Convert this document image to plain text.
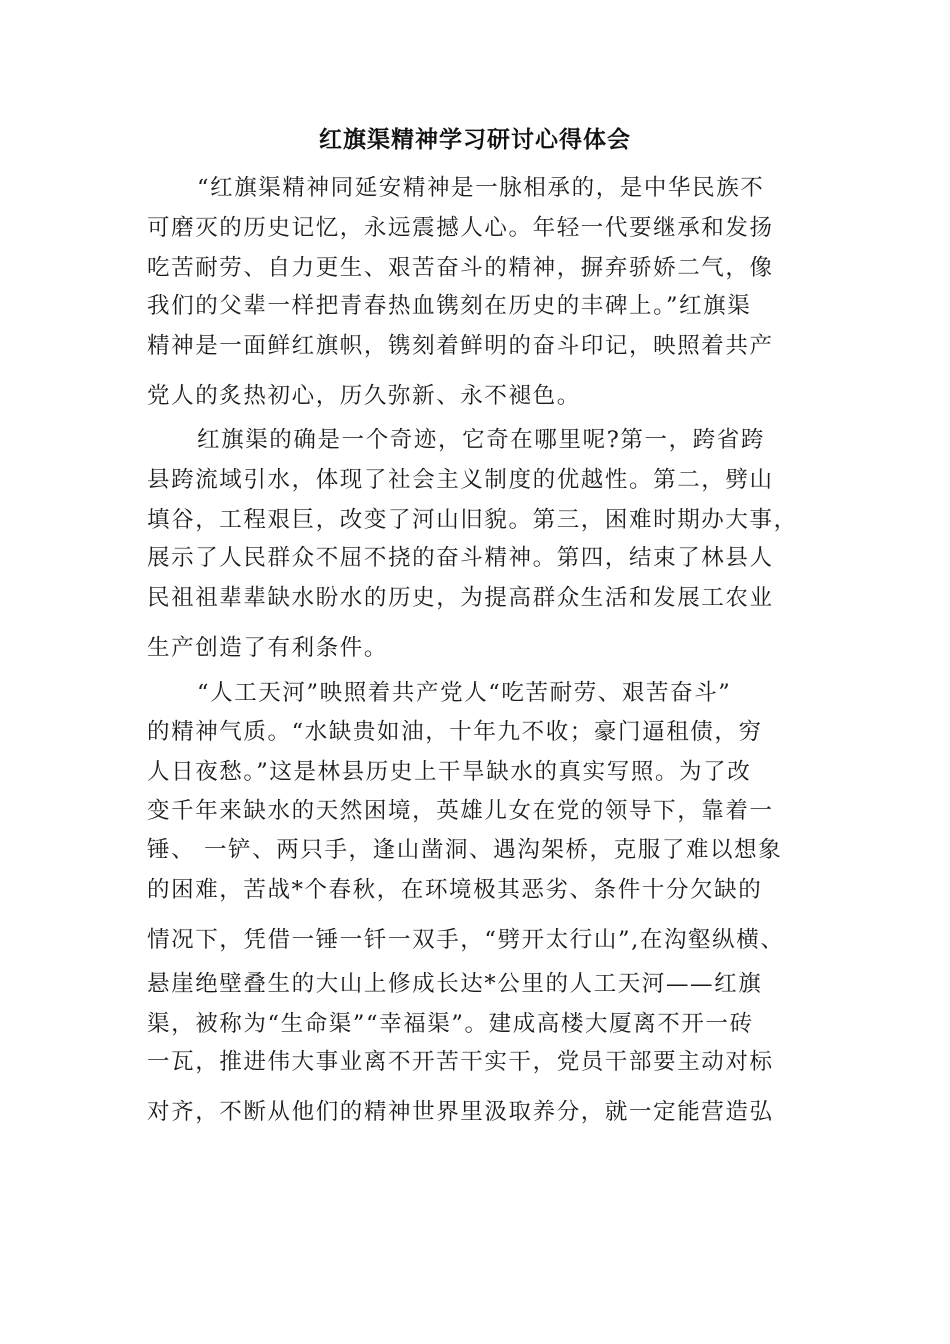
红旗渠精神学习研讨心得体会
“红旗渠精神同延安精神是一脉相承的，是中华民族不
可磨灭的历史记忆，永远震撼人心。年轻一代要继承和发扬
吃苦耐劳、自力更生、艰苦奋斗的精神，摒弃骄娇二气，像
我们的父辈一样把青春热血镌刻在历史的丰碑上。”红旗渠
精神是一面鲜红旗帜，镌刻着鲜明的奋斗印记，映照着共产
党人的炙热初心，历久弥新、永不褪色。
红旗渠的确是一个奇迹，它奇在哪里呢?第一，跨省跨
县跨流域引水，体现了社会主义制度的优越性。第二，劈山
填谷，工程艰巨，改变了河山旧貌。第三，困难时期办大事，
展示了人民群众不屈不挠的奋斗精神。第四，结束了林县人
民祖祖辈辈缺水盼水的历史，为提高群众生活和发展工农业
生产创造了有利条件。
“人工天河”映照着共产党人“吃苦耐劳、艰苦奋斗”
的精神气质。“水缺贵如油，十年九不收；豪门逼租债，穷
人日夜愁。”这是林县历史上干旱缺水的真实写照。为了改
变千年来缺水的天然困境，英雄儿女在党的领导下，靠着一
锤、 一铲、两只手，逢山凿洞、遇沟架桥，克服了难以想象
的困难，苦战*个春秋，在环境极其恶劣、条件十分欠缺的
情况下，凭借一锤一钎一双手，“劈开太行山”,在沟壑纵横、
悬崖绝壁叠生的大山上修成长达*公里的人工天河——红旗
渠，被称为“生命渠”“幸福渠”。建成高楼大厦离不开一砖
一瓦，推进伟大事业离不开苦干实干，党员干部要主动对标
对齐，不断从他们的精神世界里汲取养分，就一定能营造弘
